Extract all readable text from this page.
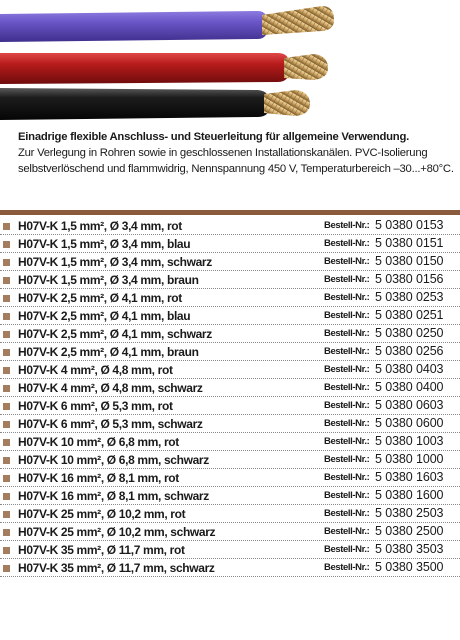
Einadrige flexible Anschluss- und Steuerleitung für allgemeine Verwendung.
Zur Verlegung in Rohren sowie in geschlossenen Installationskanälen. PVC-Isolierung selbstverlöschend und flammwidrig, Nennspannung 450 V, Temperaturbereich –30...+80°C.
H07V-K 1,5 mm², Ø 3,4 mm, rot	Bestell-Nr.: 5 0380 0153
H07V-K 1,5 mm², Ø 3,4 mm, blau	Bestell-Nr.: 5 0380 0151
H07V-K 1,5 mm², Ø 3,4 mm, schwarz	Bestell-Nr.: 5 0380 0150
H07V-K 1,5 mm², Ø 3,4 mm, braun	Bestell-Nr.: 5 0380 0156
H07V-K 2,5 mm², Ø 4,1 mm, rot	Bestell-Nr.: 5 0380 0253
H07V-K 2,5 mm², Ø 4,1 mm, blau	Bestell-Nr.: 5 0380 0251
H07V-K 2,5 mm², Ø 4,1 mm, schwarz	Bestell-Nr.: 5 0380 0250
H07V-K 2,5 mm², Ø 4,1 mm, braun	Bestell-Nr.: 5 0380 0256
H07V-K 4 mm², Ø 4,8 mm, rot	Bestell-Nr.: 5 0380 0403
H07V-K 4 mm², Ø 4,8 mm, schwarz	Bestell-Nr.: 5 0380 0400
H07V-K 6 mm², Ø 5,3 mm, rot	Bestell-Nr.: 5 0380 0603
H07V-K 6 mm², Ø 5,3 mm, schwarz	Bestell-Nr.: 5 0380 0600
H07V-K 10 mm², Ø 6,8 mm, rot	Bestell-Nr.: 5 0380 1003
H07V-K 10 mm², Ø 6,8 mm, schwarz	Bestell-Nr.: 5 0380 1000
H07V-K 16 mm², Ø 8,1 mm, rot	Bestell-Nr.: 5 0380 1603
H07V-K 16 mm², Ø 8,1 mm, schwarz	Bestell-Nr.: 5 0380 1600
H07V-K 25 mm², Ø 10,2 mm, rot	Bestell-Nr.: 5 0380 2503
H07V-K 25 mm², Ø 10,2 mm, schwarz	Bestell-Nr.: 5 0380 2500
H07V-K 35 mm², Ø 11,7 mm, rot	Bestell-Nr.: 5 0380 3503
H07V-K 35 mm², Ø 11,7 mm, schwarz	Bestell-Nr.: 5 0380 3500
